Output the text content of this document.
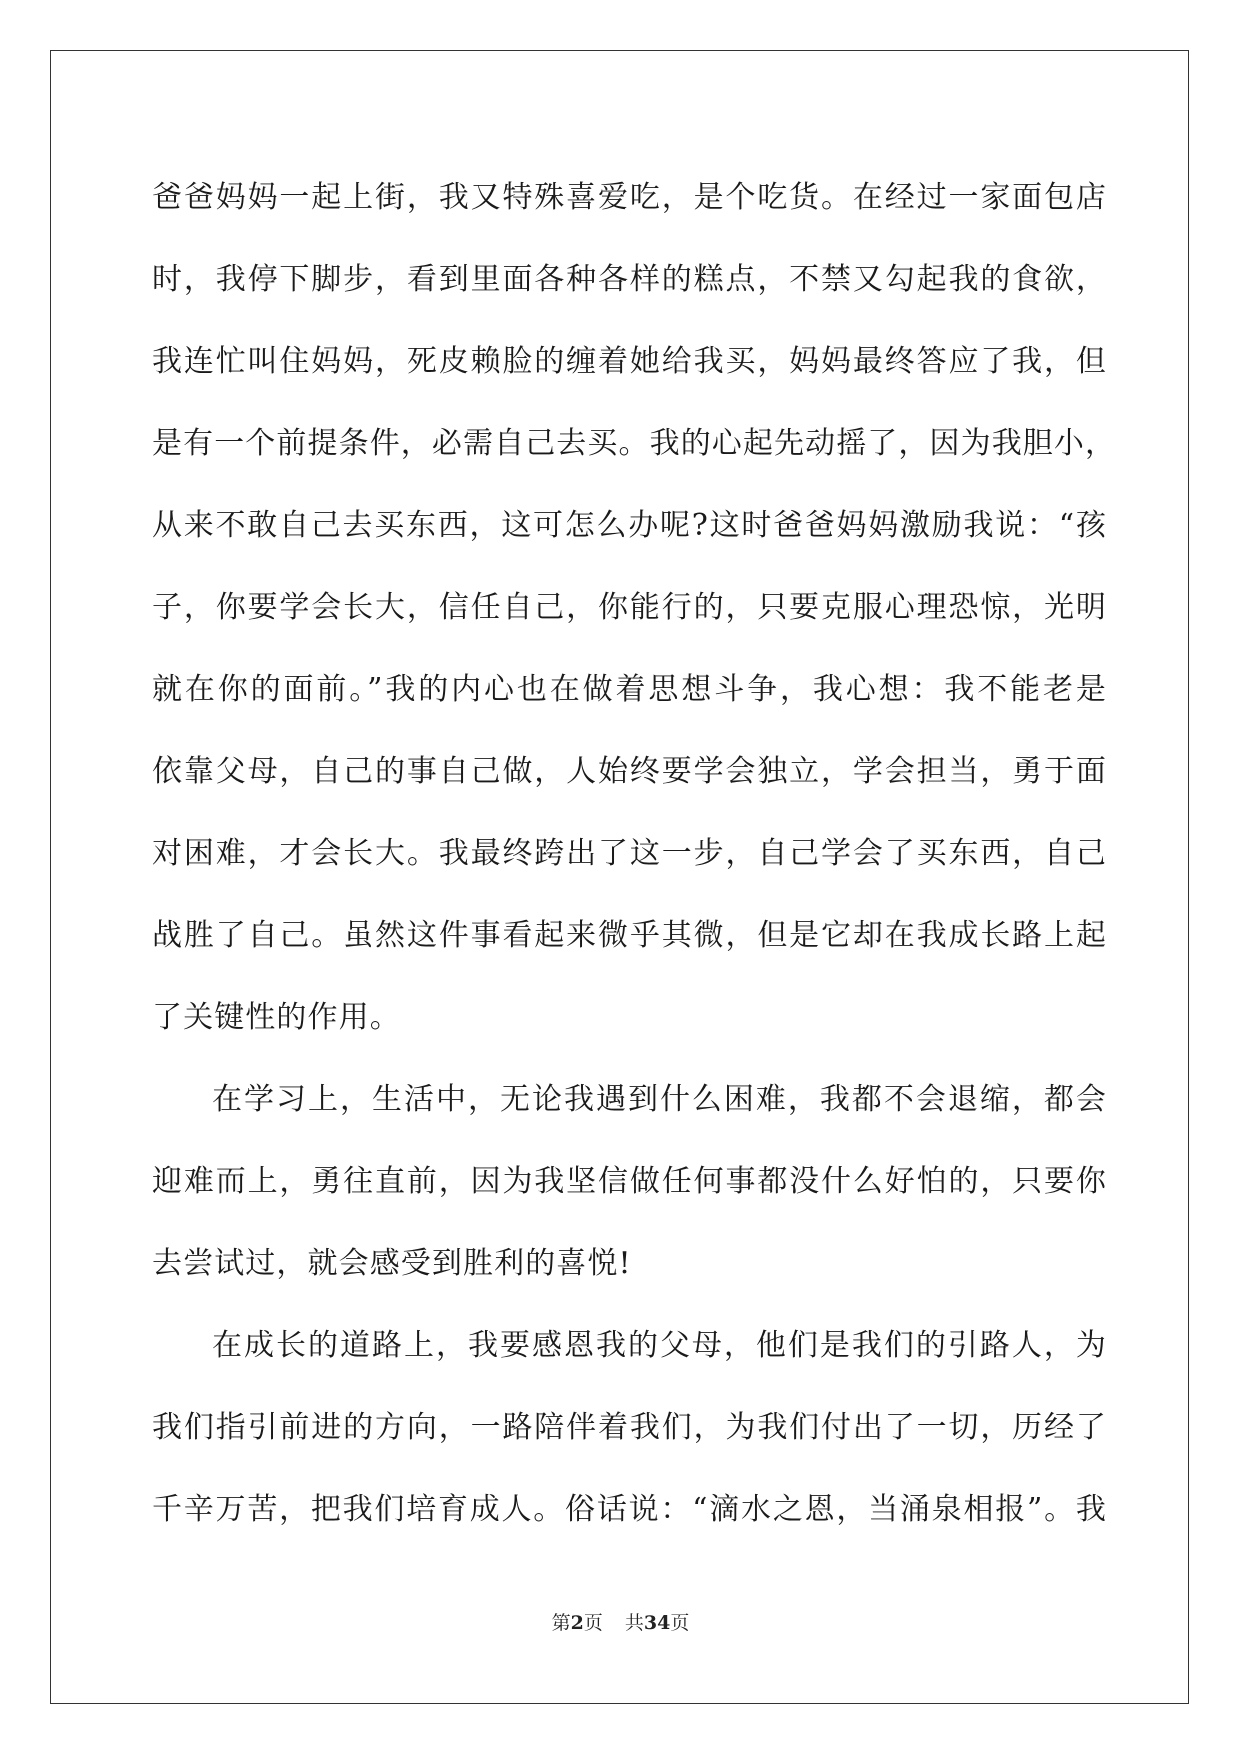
爸爸妈妈一起上街，我又特殊喜爱吃，是个吃货。在经过一家面包店
时，我停下脚步，看到里面各种各样的糕点，不禁又勾起我的食欲，
我连忙叫住妈妈，死皮赖脸的缠着她给我买，妈妈最终答应了我，但
是有一个前提条件，必需自己去买。我的心起先动摇了，因为我胆小，
从来不敢自己去买东西，这可怎么办呢?这时爸爸妈妈激励我说：“孩
子，你要学会长大，信任自己，你能行的，只要克服心理恐惊，光明
就在你的面前。”我的内心也在做着思想斗争，我心想：我不能老是
依靠父母，自己的事自己做，人始终要学会独立，学会担当，勇于面
对困难，才会长大。我最终跨出了这一步，自己学会了买东西，自己
战胜了自己。虽然这件事看起来微乎其微，但是它却在我成长路上起
了关键性的作用。
在学习上，生活中，无论我遇到什么困难，我都不会退缩，都会
迎难而上，勇往直前，因为我坚信做任何事都没什么好怕的，只要你
去尝试过，就会感受到胜利的喜悦!
在成长的道路上，我要感恩我的父母，他们是我们的引路人，为
我们指引前进的方向，一路陪伴着我们，为我们付出了一切，历经了
千辛万苦，把我们培育成人。俗话说：“滴水之恩，当涌泉相报”。我
第2页 共34页
